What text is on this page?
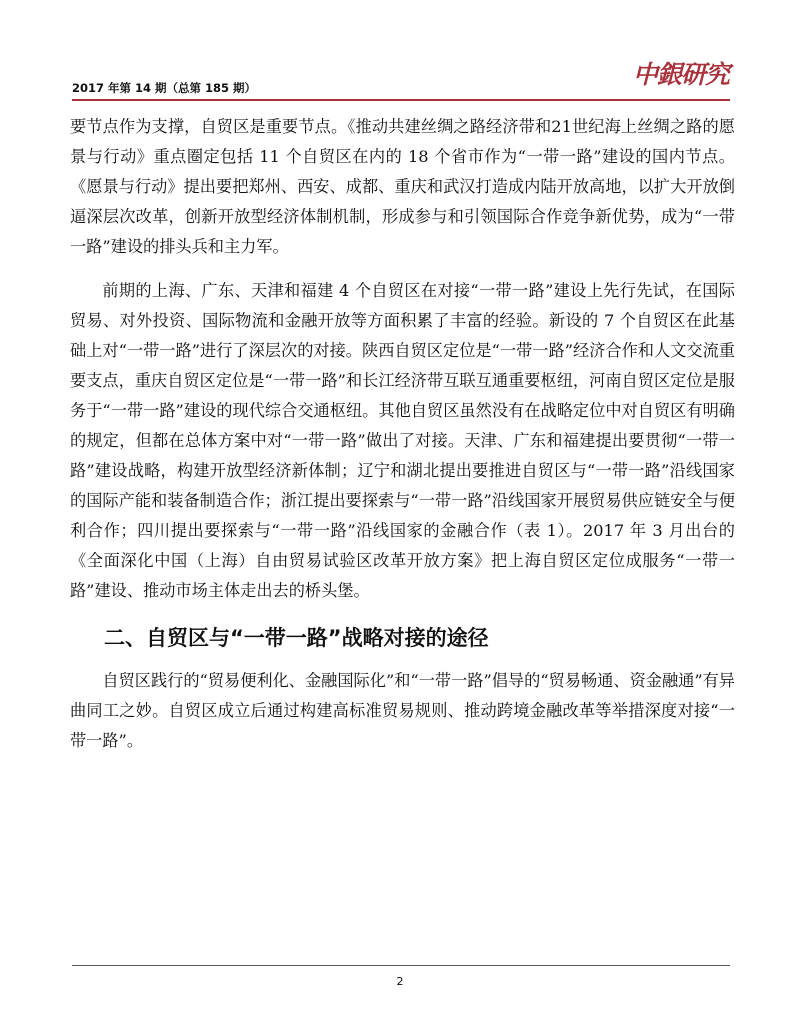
2017 年第 14 期（总第 185 期）	中銀研究

要节点作为支撑，自贸区是重要节点。《推动共建丝绸之路经济带和21世纪海上丝绸之路的愿景与行动》重点圈定包括 11 个自贸区在内的 18 个省市作为“一带一路”建设的国内节点。《愿景与行动》提出要把郑州、西安、成都、重庆和武汉打造成内陆开放高地，以扩大开放倒逼深层次改革，创新开放型经济体制机制，形成参与和引领国际合作竞争新优势，成为“一带一路”建设的排头兵和主力军。

前期的上海、广东、天津和福建 4 个自贸区在对接“一带一路”建设上先行先试，在国际贸易、对外投资、国际物流和金融开放等方面积累了丰富的经验。新设的 7 个自贸区在此基础上对“一带一路”进行了深层次的对接。陕西自贸区定位是“一带一路”经济合作和人文交流重要支点，重庆自贸区定位是“一带一路”和长江经济带互联互通重要枢纽，河南自贸区定位是服务于“一带一路”建设的现代综合交通枢纽。其他自贸区虽然没有在战略定位中对自贸区有明确的规定，但都在总体方案中对“一带一路”做出了对接。天津、广东和福建提出要贯彻“一带一路”建设战略，构建开放型经济新体制；辽宁和湖北提出要推进自贸区与“一带一路”沿线国家的国际产能和装备制造合作；浙江提出要探索与“一带一路”沿线国家开展贸易供应链安全与便利合作；四川提出要探索与“一带一路”沿线国家的金融合作（表 1）。2017 年 3 月出台的《全面深化中国（上海）自由贸易试验区改革开放方案》把上海自贸区定位成服务“一带一路”建设、推动市场主体走出去的桥头堡。

二、自贸区与“一带一路”战略对接的途径

自贸区践行的“贸易便利化、金融国际化”和“一带一路”倡导的“贸易畅通、资金融通”有异曲同工之妙。自贸区成立后通过构建高标准贸易规则、推动跨境金融改革等举措深度对接“一带一路”。

2
